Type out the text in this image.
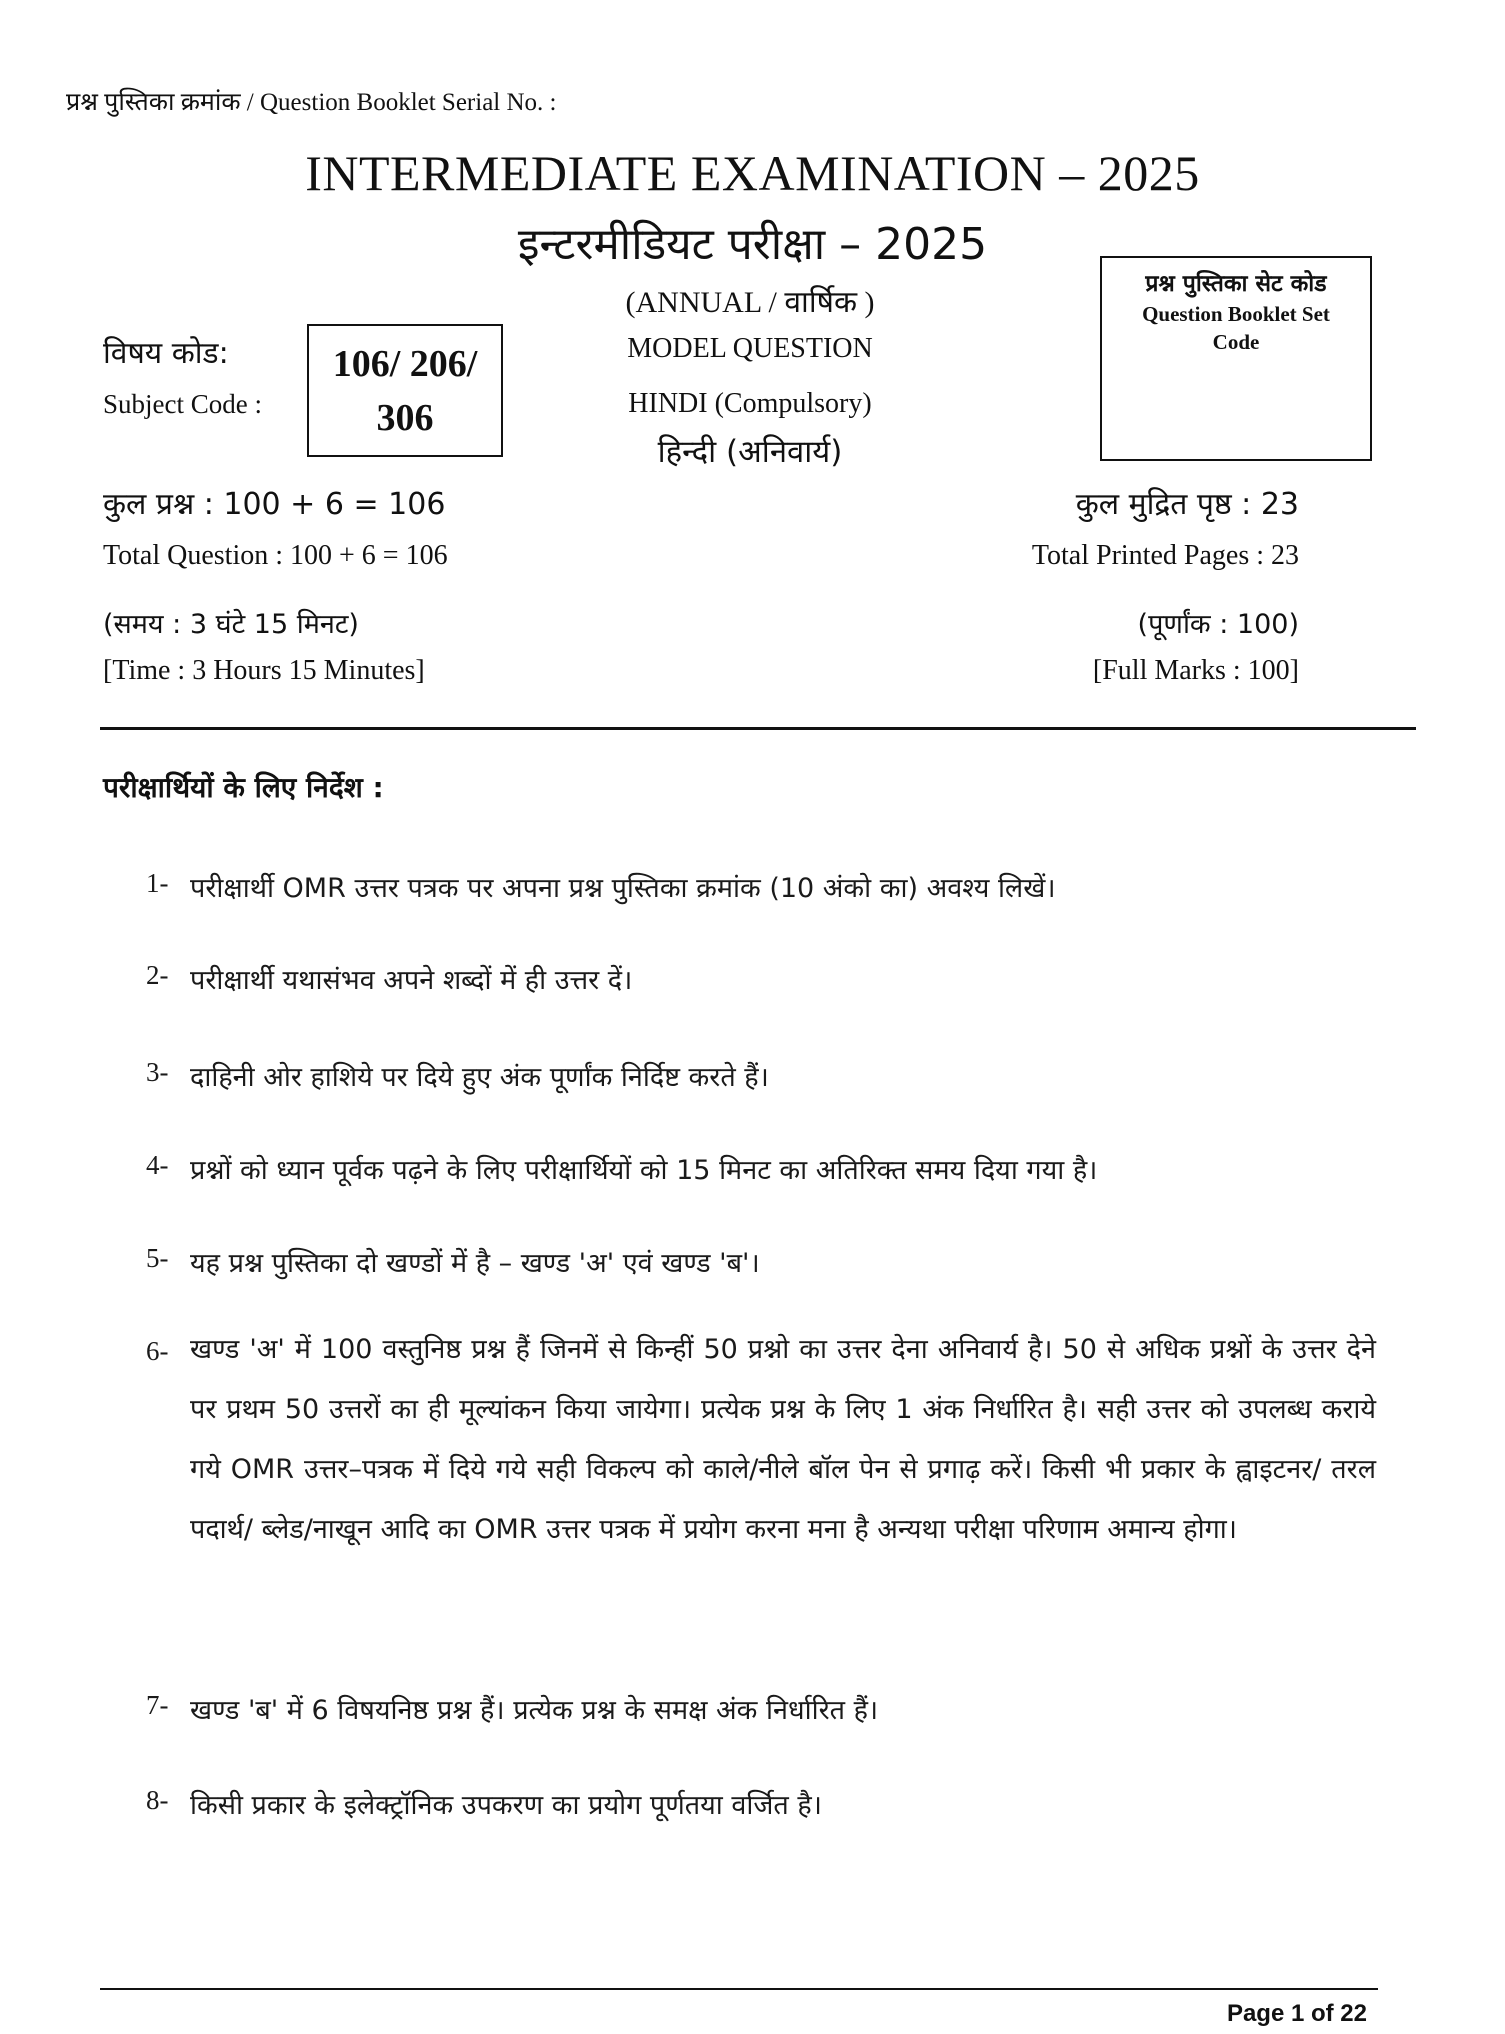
प्रश्न पुस्तिका क्रमांक / Question Booklet Serial No. :
INTERMEDIATE EXAMINATION – 2025
इन्टरमीडियट परीक्षा – 2025
(ANNUAL / वार्षिक )
MODEL QUESTION
HINDI (Compulsory)
हिन्दी (अनिवार्य)
विषय कोड:
Subject Code :
106/ 206/
306
प्रश्न पुस्तिका सेट कोड
Question Booklet Set
Code
कुल प्रश्न : 100 + 6 = 106
Total Question : 100 + 6 = 106
(समय : 3 घंटे 15 मिनट)
[Time : 3 Hours 15 Minutes]
कुल मुद्रित पृष्ठ : 23
Total Printed Pages : 23
(पूर्णांक : 100)
[Full Marks : 100]
परीक्षार्थियों के लिए निर्देश :
1- परीक्षार्थी OMR उत्तर पत्रक पर अपना प्रश्न पुस्तिका क्रमांक (10 अंको का) अवश्य लिखें।
2- परीक्षार्थी यथासंभव अपने शब्दों में ही उत्तर दें।
3- दाहिनी ओर हाशिये पर दिये हुए अंक पूर्णांक निर्दिष्ट करते हैं।
4- प्रश्नों को ध्यान पूर्वक पढ़ने के लिए परीक्षार्थियों को 15 मिनट का अतिरिक्त समय दिया गया है।
5- यह प्रश्न पुस्तिका दो खण्डों में है – खण्ड 'अ' एवं खण्ड 'ब'।
6- खण्ड 'अ' में 100 वस्तुनिष्ठ प्रश्न हैं जिनमें से किन्हीं 50 प्रश्नो का उत्तर देना अनिवार्य है। 50 से अधिक प्रश्नों के उत्तर देने पर प्रथम 50 उत्तरों का ही मूल्यांकन किया जायेगा। प्रत्येक प्रश्न के लिए 1 अंक निर्धारित है। सही उत्तर को उपलब्ध कराये गये OMR उत्तर–पत्रक में दिये गये सही विकल्प को काले/नीले बॉल पेन से प्रगाढ़ करें। किसी भी प्रकार के ह्वाइटनर/ तरल पदार्थ/ ब्लेड/नाखून आदि का OMR उत्तर पत्रक में प्रयोग करना मना है अन्यथा परीक्षा परिणाम अमान्य होगा।
7- खण्ड 'ब' में 6 विषयनिष्ठ प्रश्न हैं। प्रत्येक प्रश्न के समक्ष अंक निर्धारित हैं।
8- किसी प्रकार के इलेक्ट्रॉनिक उपकरण का प्रयोग पूर्णतया वर्जित है।
Page 1 of 22
